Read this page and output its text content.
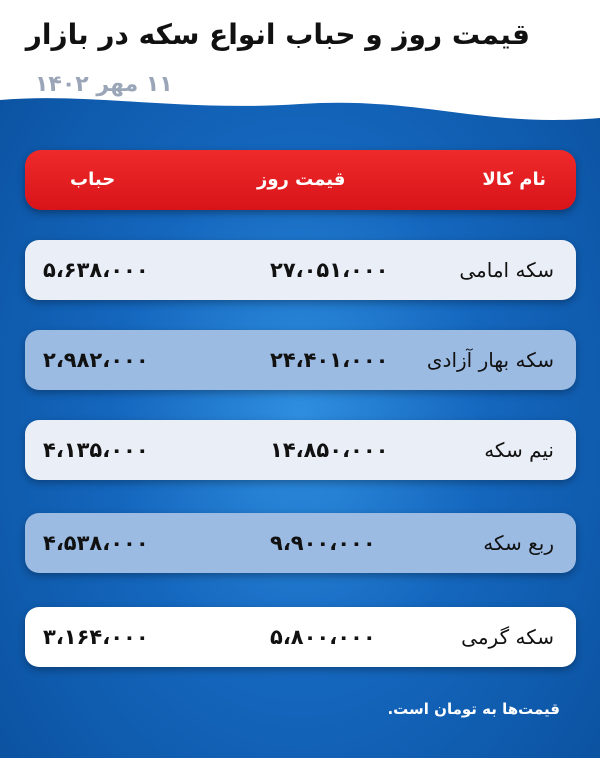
قیمت روز و حباب انواع سکه در بازار
۱۱ مهر ۱۴۰۲
نام کالا
قیمت روز
حباب
سکه امامی
۲۷،۰۵۱،۰۰۰
۵،۶۳۸،۰۰۰
سکه بهار آزادی
۲۴،۴۰۱،۰۰۰
۲،۹۸۲،۰۰۰
نیم سکه
۱۴،۸۵۰،۰۰۰
۴،۱۳۵،۰۰۰
ربع سکه
۹،۹۰۰،۰۰۰
۴،۵۳۸،۰۰۰
سکه گرمی
۵،۸۰۰،۰۰۰
۳،۱۶۴،۰۰۰
قیمت‌ها به تومان است.
